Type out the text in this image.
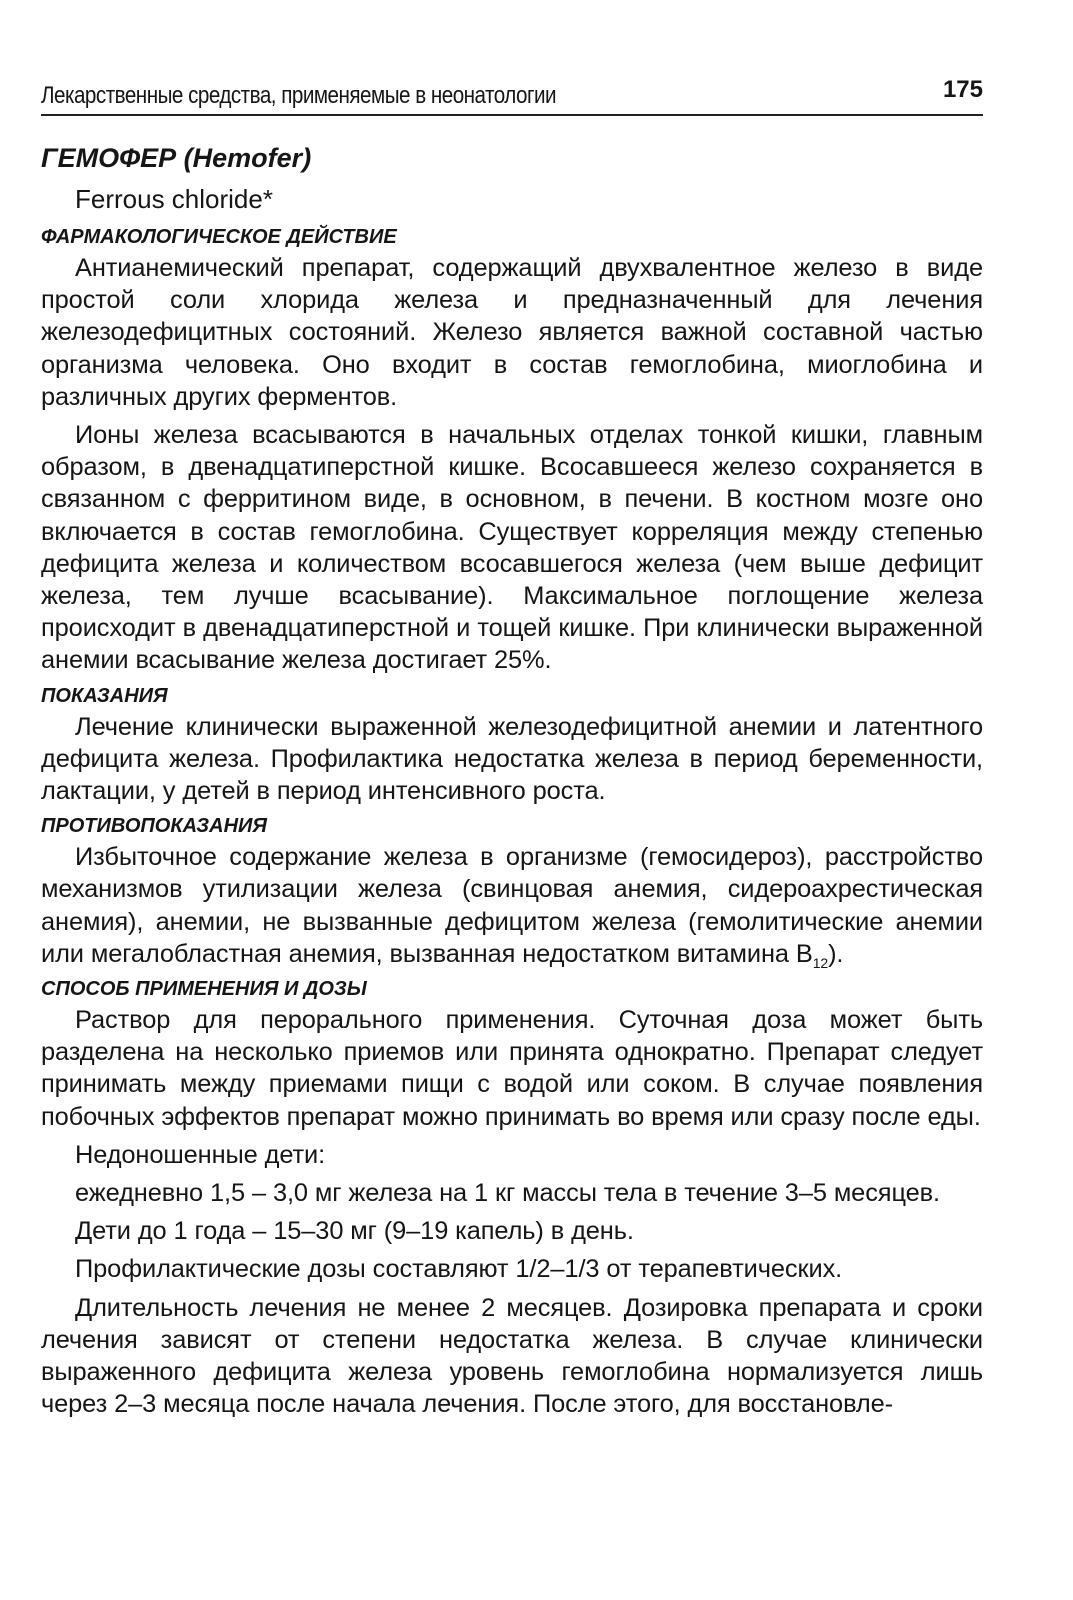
Лекарственные средства, применяемые в неонатологии	175
ГЕМОФЕР (Hemofer)
Ferrous chloride*
ФАРМАКОЛОГИЧЕСКОЕ ДЕЙСТВИЕ

Антианемический препарат, содержащий двухвалентное железо в виде простой соли хлорида железа и предназначенный для лечения железодефицитных состояний. Железо является важной составной частью организма человека. Оно входит в состав гемоглобина, миоглобина и различных других ферментов.

Ионы железа всасываются в начальных отделах тонкой кишки, главным образом, в двенадцатиперстной кишке. Всосавшееся железо сохраняется в связанном с ферритином виде, в основном, в печени. В костном мозге оно включается в состав гемоглобина. Существует корреляция между степенью дефицита железа и количеством всосавшегося железа (чем выше дефицит железа, тем лучше всасывание). Максимальное поглощение железа происходит в двенадцатиперстной и тощей кишке. При клинически выраженной анемии всасывание железа достигает 25%.

ПОКАЗАНИЯ

Лечение клинически выраженной железодефицитной анемии и латентного дефицита железа. Профилактика недостатка железа в период беременности, лактации, у детей в период интенсивного роста.

ПРОТИВОПОКАЗАНИЯ

Избыточное содержание железа в организме (гемосидероз), расстройство механизмов утилизации железа (свинцовая анемия, сидероахрестическая анемия), анемии, не вызванные дефицитом железа (гемолитические анемии или мегалобластная анемия, вызванная недостатком витамина $B_{12}$).

СПОСОБ ПРИМЕНЕНИЯ И ДОЗЫ

Раствор для перорального применения. Суточная доза может быть разделена на несколько приемов или принята однократно. Препарат следует принимать между приемами пищи с водой или соком. В случае появления побочных эффектов препарат можно принимать во время или сразу после еды.

Недоношенные дети:

ежедневно 1,5 – 3,0 мг железа на 1 кг массы тела в течение 3–5 месяцев.

Дети до 1 года – 15–30 мг (9–19 капель) в день.

Профилактические дозы составляют 1/2–1/3 от терапевтических.

Длительность лечения не менее 2 месяцев. Дозировка препарата и сроки лечения зависят от степени недостатка железа. В случае клинически выраженного дефицита железа уровень гемоглобина нормализуется лишь через 2–3 месяца после начала лечения. После этого, для восстановле-
